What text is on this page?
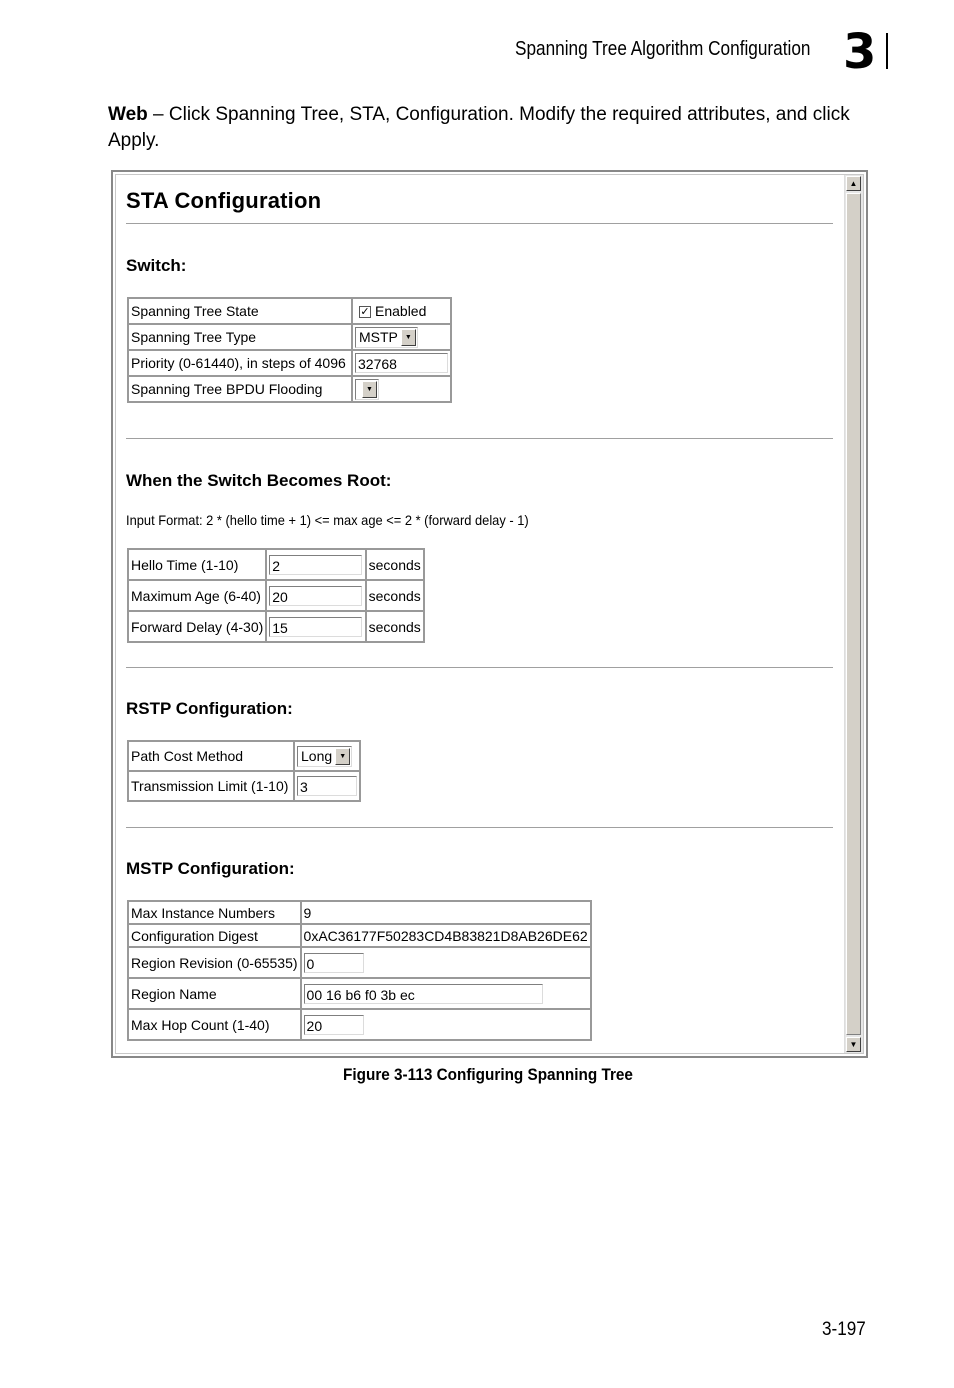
Spanning Tree Algorithm Configuration 3
Web – Click Spanning Tree, STA, Configuration. Modify the required attributes, and click Apply.
▲
▼
STA Configuration
Switch:
Spanning Tree State	✓ Enabled
Spanning Tree Type	MSTP ▼

Priority (0-61440), in steps of 4096	32768
Spanning Tree BPDU Flooding	▼
When the Switch Becomes Root:
Input Format: 2 * (hello time + 1) <= max age <= 2 * (forward delay - 1)
Hello Time (1-10)	2	seconds
Maximum Age (6-40)	20	seconds
Forward Delay (4-30)	15	seconds
RSTP Configuration:
Path Cost Method	Long ▼

Transmission Limit (1-10)	3
MSTP Configuration:
Max Instance Numbers	9
Configuration Digest	0xAC36177F50283CD4B83821D8AB26DE62
Region Revision (0-65535)	0
Region Name	00 16 b6 f0 3b ec
Max Hop Count (1-40)	20
Figure 3-113 Configuring Spanning Tree
3-197
